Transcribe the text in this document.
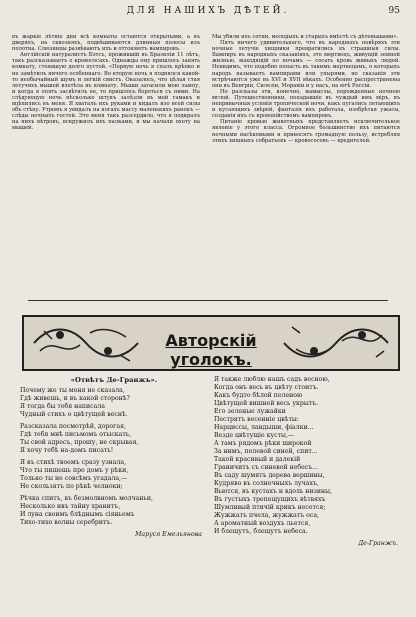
ДЛЯ НАШИХЪ ДѢТЕЙ.	95

въ жаркіе лѣтніе дни всѣ комнаты остаются открытыми, а въ дверяхъ, на сквозняхъ, подвѣшиваются длинныя полосы изъ полотна. Слюзницы развѣваютъ ихъ и отгоняютъ вампировъ.

Англійскій натуралистъ Бэтсъ, прожившій въ Бразиліи 11 лѣтъ, такъ разсказываетъ о кровососахъ. Однажды ему пришлось занять комнату, стоявшую долго пустой. «Первую ночь я спалъ крѣпко и не замѣтилъ ничего особеннаго. Во вторую ночь я поднялся какой-то необычайный шумъ и легкій свистъ. Оказалось, что цѣлая стая летучихъ мышей влетѣла въ комнату. Мыши загасили мою лампу, и когда я опять засвѣтилъ ее, то пришлось бороться съ ними. На слѣдующую ночь нѣсколько штукъ залѣзли въ мой гамакъ и вцѣпились въ меня. Я хваталъ ихъ руками и кидалъ изо всей силы объ стѣну. Утромъ я увидалъ на ногахъ массу маленькихъ ранокъ — слѣды ночныхъ гостей. Это меня такъ разсердило, что я подкралъ на нихъ вѣтровъ, вскружилъ ихъ палками, и мы начали охоту на мышей.

Мы убили ихъ сотни, молодыхъ и старыхъ вмѣстѣ съ дѣтенышами».

Пятъ ничего удивительнаго, что въ народныхъ повѣряхъ эти ночные летучіе хищники превратились въ страшныя силы. Вампиръ въ народныхъ сказаніяхъ, это мертвецъ, живущій земной жизнью, выходящій по ночамъ — сосать кровь живыхъ людей. Невидимъ, что подобно попасть въ такимъ мертвецамъ, о которыхъ народъ называетъ вампирами или упырями, но сказанія эти встрѣчаются уже въ XVI и XVII вѣкахъ. Особенно распространены они въ Венгріи, Силезіи, Моравіи и у насъ, на югѣ Россіи.

Но разсказы эти, конечно, вымыслы, порожденные ночною мглой. Путешественники, попадавшіе въ чуждый имъ міръ, въ непривычныя условія тропической ночи, какъ пугались летающихъ и кусающихъ звѣрей, фантазія ихъ работала, изобрѣтая ужасы, созданія ихъ съ кровопійствомъ вампировъ.

Питаніе кровью животныхъ представляетъ исключительное явленіе у этого класса. Огромное большинство ихъ питаются ночными насѣкомыми и приносятъ громадную пользу, истребляя этихъ хищныхъ собратьевъ — кровососовъ — вредителей.

Авторскій уголокъ.
«Отвѣтъ Де-Гранжъ».
Почему же ты меня не сказала,
Гдѣ живешь, и въ какой сторонѣ?
Я тогда бы тебя написала
Чудный стихъ о цвѣтущей веснѣ.
Разсказала посмотрѣй, дорогая,
Гдѣ тебя мнѣ письмомъ отыскать,
Ты свой адресъ, прошу, не скрывая,
Я хочу тебѣ на-домъ писать!
Я въ стихѣ твоемъ сразу узнала,
Что ты пишешь про домъ у рѣки,
Только ты не совсѣмъ угадала,—
Не скользятъ по рѣкѣ челноки;
Рѣчка спитъ, въ безмолвномъ молчаньи,
Несколько ивъ тайну хранитъ,
И луна своимъ блѣднымъ сіяньемъ
Тихо-тихо волны серебритъ.
Маруся Емельянова
Я также люблю нашъ садъ весною,
Когда онъ весь въ цвѣту стоитъ.
Какъ будто бѣлой пеленою
Цвѣтущей вишней весь укрытъ.
Его зеленые лужайки
Пестрятъ весенніе цвѣты:
Нарциссы, ландыши, фіалки...
Везде цвѣтущіе кусты,—
А тамъ рядомъ рѣки широкой
За нимъ, полевой синей, спит...
Такой красивый и далекій
Граничитъ съ синевой небесъ...
Въ саду шумятъ дерева вершины,
Кудряво въ солнечныхъ лучахъ,
Вьются, въ кустахъ и вдоль низины,
Въ густыхъ трепещущихъ вѣтвяхъ
Шумливый птичій крикъ несется;
Жужжатъ пчела, жужжатъ оса,
А ароматный воздухъ льется,
И блещутъ, блещутъ небеса.
Де-Гранжъ.
